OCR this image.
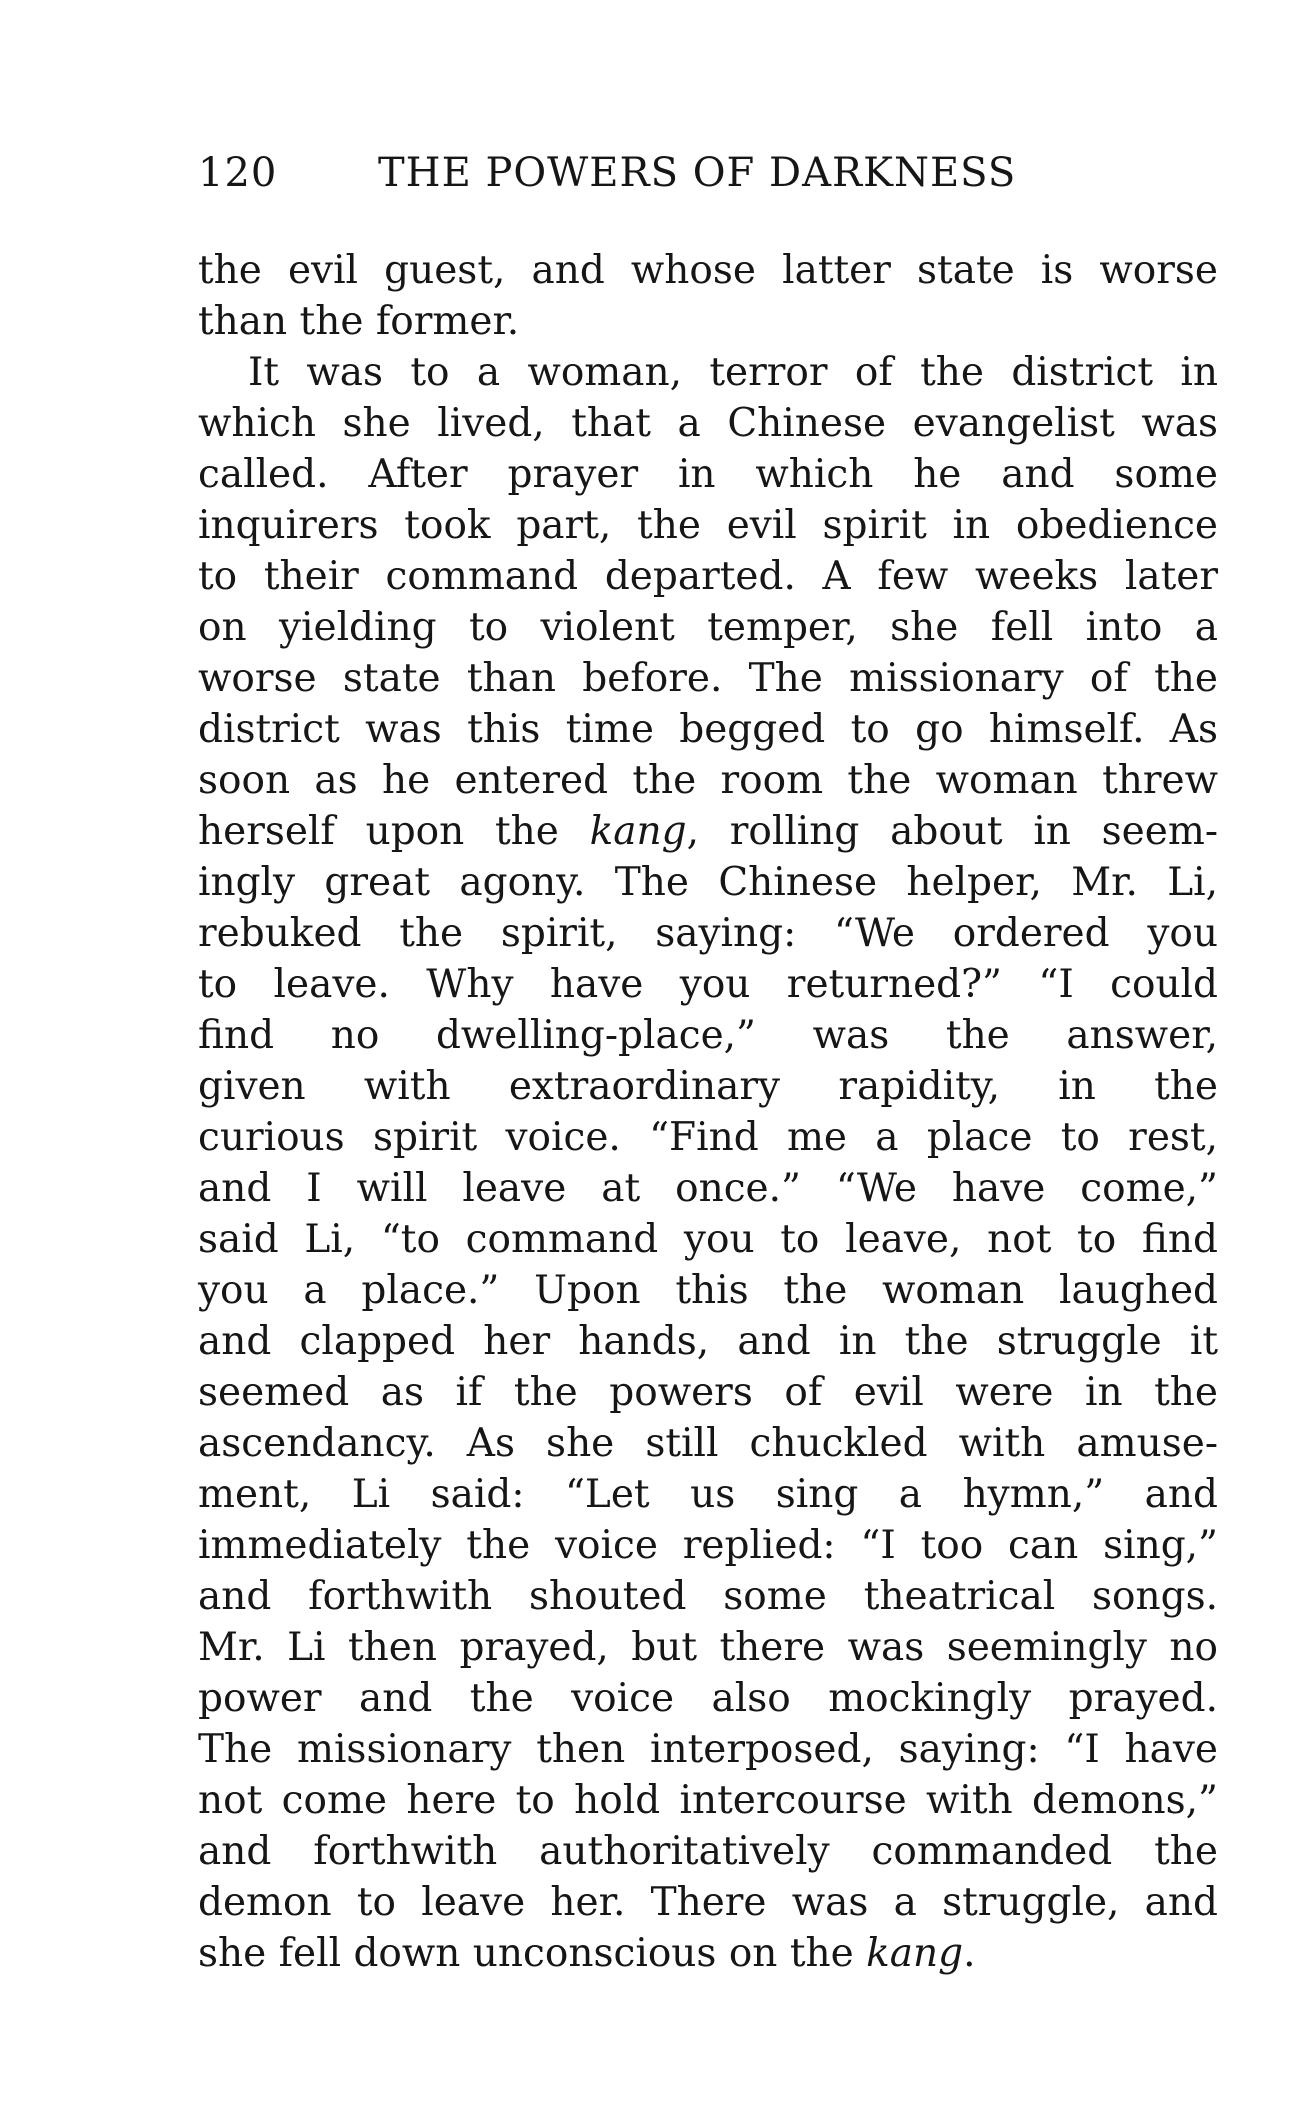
120	THE POWERS OF DARKNESS
the evil guest, and whose latter state is worse
than the former.
It was to a woman, terror of the district in
which she lived, that a Chinese evangelist was
called. After prayer in which he and some
inquirers took part, the evil spirit in obedience
to their command departed. A few weeks later
on yielding to violent temper, she fell into a
worse state than before. The missionary of the
district was this time begged to go himself. As
soon as he entered the room the woman threw
herself upon the kang, rolling about in seem-
ingly great agony. The Chinese helper, Mr. Li,
rebuked the spirit, saying: “We ordered you
to leave. Why have you returned?” “I could
find no dwelling-place,” was the answer,
given with extraordinary rapidity, in the
curious spirit voice. “Find me a place to rest,
and I will leave at once.” “We have come,”
said Li, “to command you to leave, not to find
you a place.” Upon this the woman laughed
and clapped her hands, and in the struggle it
seemed as if the powers of evil were in the
ascendancy. As she still chuckled with amuse-
ment, Li said: “Let us sing a hymn,” and
immediately the voice replied: “I too can sing,”
and forthwith shouted some theatrical songs.
Mr. Li then prayed, but there was seemingly no
power and the voice also mockingly prayed.
The missionary then interposed, saying: “I have
not come here to hold intercourse with demons,”
and forthwith authoritatively commanded the
demon to leave her. There was a struggle, and
she fell down unconscious on the kang.
